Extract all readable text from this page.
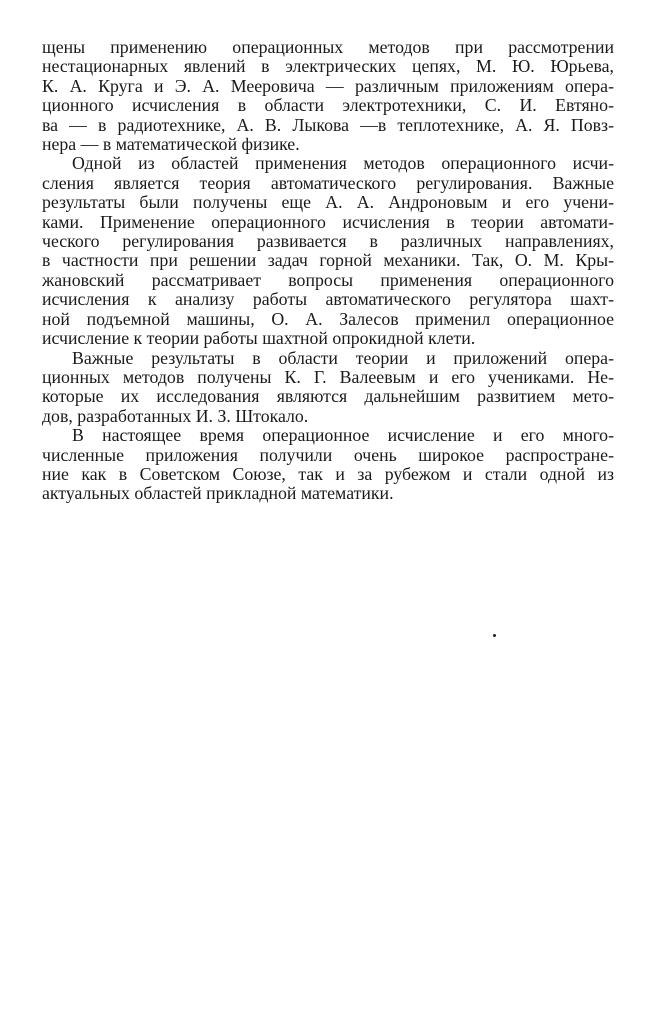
щены применению операционных методов при рассмотрении
нестационарных явлений в электрических цепях, М. Ю. Юрьева,
К. А. Круга и Э. А. Мееровича — различным приложениям опера-
ционного исчисления в области электротехники, С. И. Евтяно-
ва — в радиотехнике, А. В. Лыкова —в теплотехнике, А. Я. Повз-
нера — в математической физике.
Одной из областей применения методов операционного исчи-
сления является теория автоматического регулирования. Важные
результаты были получены еще А. А. Андроновым и его учени-
ками. Применение операционного исчисления в теории автомати-
ческого регулирования развивается в различных направлениях,
в частности при решении задач горной механики. Так, О. М. Кры-
жановский рассматривает вопросы применения операционного
исчисления к анализу работы автоматического регулятора шахт-
ной подъемной машины, О. А. Залесов применил операционное
исчисление к теории работы шахтной опрокидной клети.
Важные результаты в области теории и приложений опера-
ционных методов получены К. Г. Валеевым и его учениками. Не-
которые их исследования являются дальнейшим развитием мето-
дов, разработанных И. З. Штокало.
В настоящее время операционное исчисление и его много-
численные приложения получили очень широкое распростране-
ние как в Советском Союзе, так и за рубежом и стали одной из
актуальных областей прикладной математики.
